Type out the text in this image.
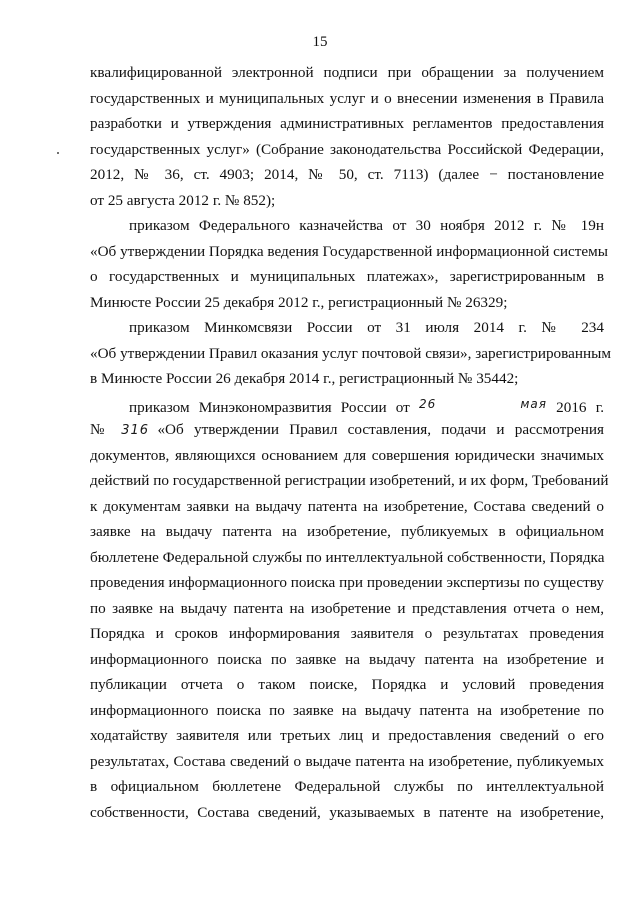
15
квалифицированной электронной подписи при обращении за получением
государственных и муниципальных услуг и о внесении изменения в Правила
разработки и утверждения административных регламентов предоставления
государственных услуг» (Собрание законодательства Российской Федерации,
2012, № 36, ст. 4903; 2014, № 50, ст. 7113) (далее − постановление
от 25 августа 2012 г. № 852);
приказом Федерального казначейства от 30 ноября 2012 г. № 19н
«Об утверждении Порядка ведения Государственной информационной системы
о государственных и муниципальных платежах», зарегистрированным в
Минюсте России 25 декабря 2012 г., регистрационный № 26329;
приказом Минкомсвязи России от 31 июля 2014 г. № 234
«Об утверждении Правил оказания услуг почтовой связи», зарегистрированным
в Минюсте России 26 декабря 2014 г., регистрационный № 35442;
приказом Минэкономразвития России от 26 мая 2016 г.
№ 316 «Об утверждении Правил составления, подачи и рассмотрения
документов, являющихся основанием для совершения юридически значимых
действий по государственной регистрации изобретений, и их форм, Требований
к документам заявки на выдачу патента на изобретение, Состава сведений о
заявке на выдачу патента на изобретение, публикуемых в официальном
бюллетене Федеральной службы по интеллектуальной собственности, Порядка
проведения информационного поиска при проведении экспертизы по существу
по заявке на выдачу патента на изобретение и представления отчета о нем,
Порядка и сроков информирования заявителя о результатах проведения
информационного поиска по заявке на выдачу патента на изобретение и
публикации отчета о таком поиске, Порядка и условий проведения
информационного поиска по заявке на выдачу патента на изобретение по
ходатайству заявителя или третьих лиц и предоставления сведений о его
результатах, Состава сведений о выдаче патента на изобретение, публикуемых
в официальном бюллетене Федеральной службы по интеллектуальной
собственности, Состава сведений, указываемых в патенте на изобретение,
